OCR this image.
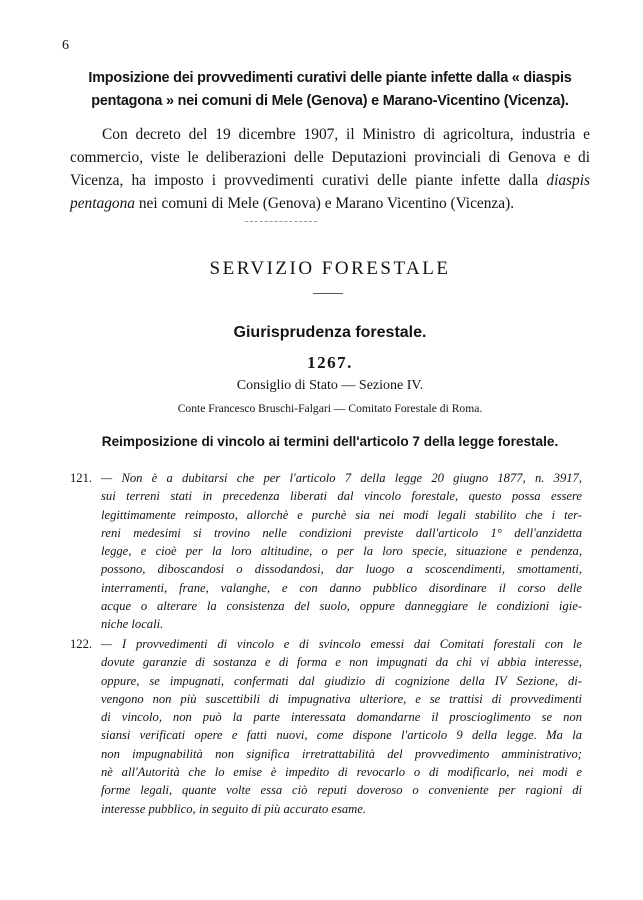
6
Imposizione dei provvedimenti curativi delle piante infette dalla « diaspis
pentagona » nei comuni di Mele (Genova) e Marano-Vicentino (Vicenza).
Con decreto del 19 dicembre 1907, il Ministro di agricoltura, industria e
commercio, viste le deliberazioni delle Deputazioni provinciali di Genova e di
Vicenza, ha imposto i provvedimenti curativi delle piante infette dalla diaspis
pentagona nei comuni di Mele (Genova) e Marano Vicentino (Vicenza).
SERVIZIO FORESTALE
Giurisprudenza forestale.
1267.
Consiglio di Stato — Sezione IV.
Conte Francesco Bruschi-Falgari — Comitato Forestale di Roma.
Reimposizione di vincolo ai termini dell'articolo 7 della legge forestale.
121. — Non è a dubitarsi che per l'articolo 7 della legge 20 giugno 1877, n. 3917,
sui terreni stati in precedenza liberati dal vincolo forestale, questo possa essere
legittimamente reimposto, allorchè e purchè sia nei modi legali stabilito che i ter-
reni medesimi si trovino nelle condizioni previste dall'articolo 1° dell'anzidetta
legge, e cioè per la loro altitudine, o per la loro specie, situazione e pendenza,
possono, diboscandosi o dissodandosi, dar luogo a scoscendimenti, smottamenti,
interramenti, frane, valanghe, e con danno pubblico disordinare il corso delle
acque o alterare la consistenza del suolo, oppure danneggiare le condizioni igie-
niche locali.
122. — I provvedimenti di vincolo e di svincolo emessi dai Comitati forestali con le
dovute garanzie di sostanza e di forma e non impugnati da chi vi abbia interesse,
oppure, se impugnati, confermati dal giudizio di cognizione della IV Sezione, di-
vengono non più suscettibili di impugnativa ulteriore, e se trattisi di provvedimenti
di vincolo, non può la parte interessata domandarne il proscioglimento se non
siansi verificati opere e fatti nuovi, come dispone l'articolo 9 della legge. Ma la
non impugnabilità non significa irretrattabilità del provvedimento amministrativo;
nè all'Autorità che lo emise è impedito di revocarlo o di modificarlo, nei modi e
forme legali, quante volte essa ciò reputi doveroso o conveniente per ragioni di
interesse pubblico, in seguito di più accurato esame.
